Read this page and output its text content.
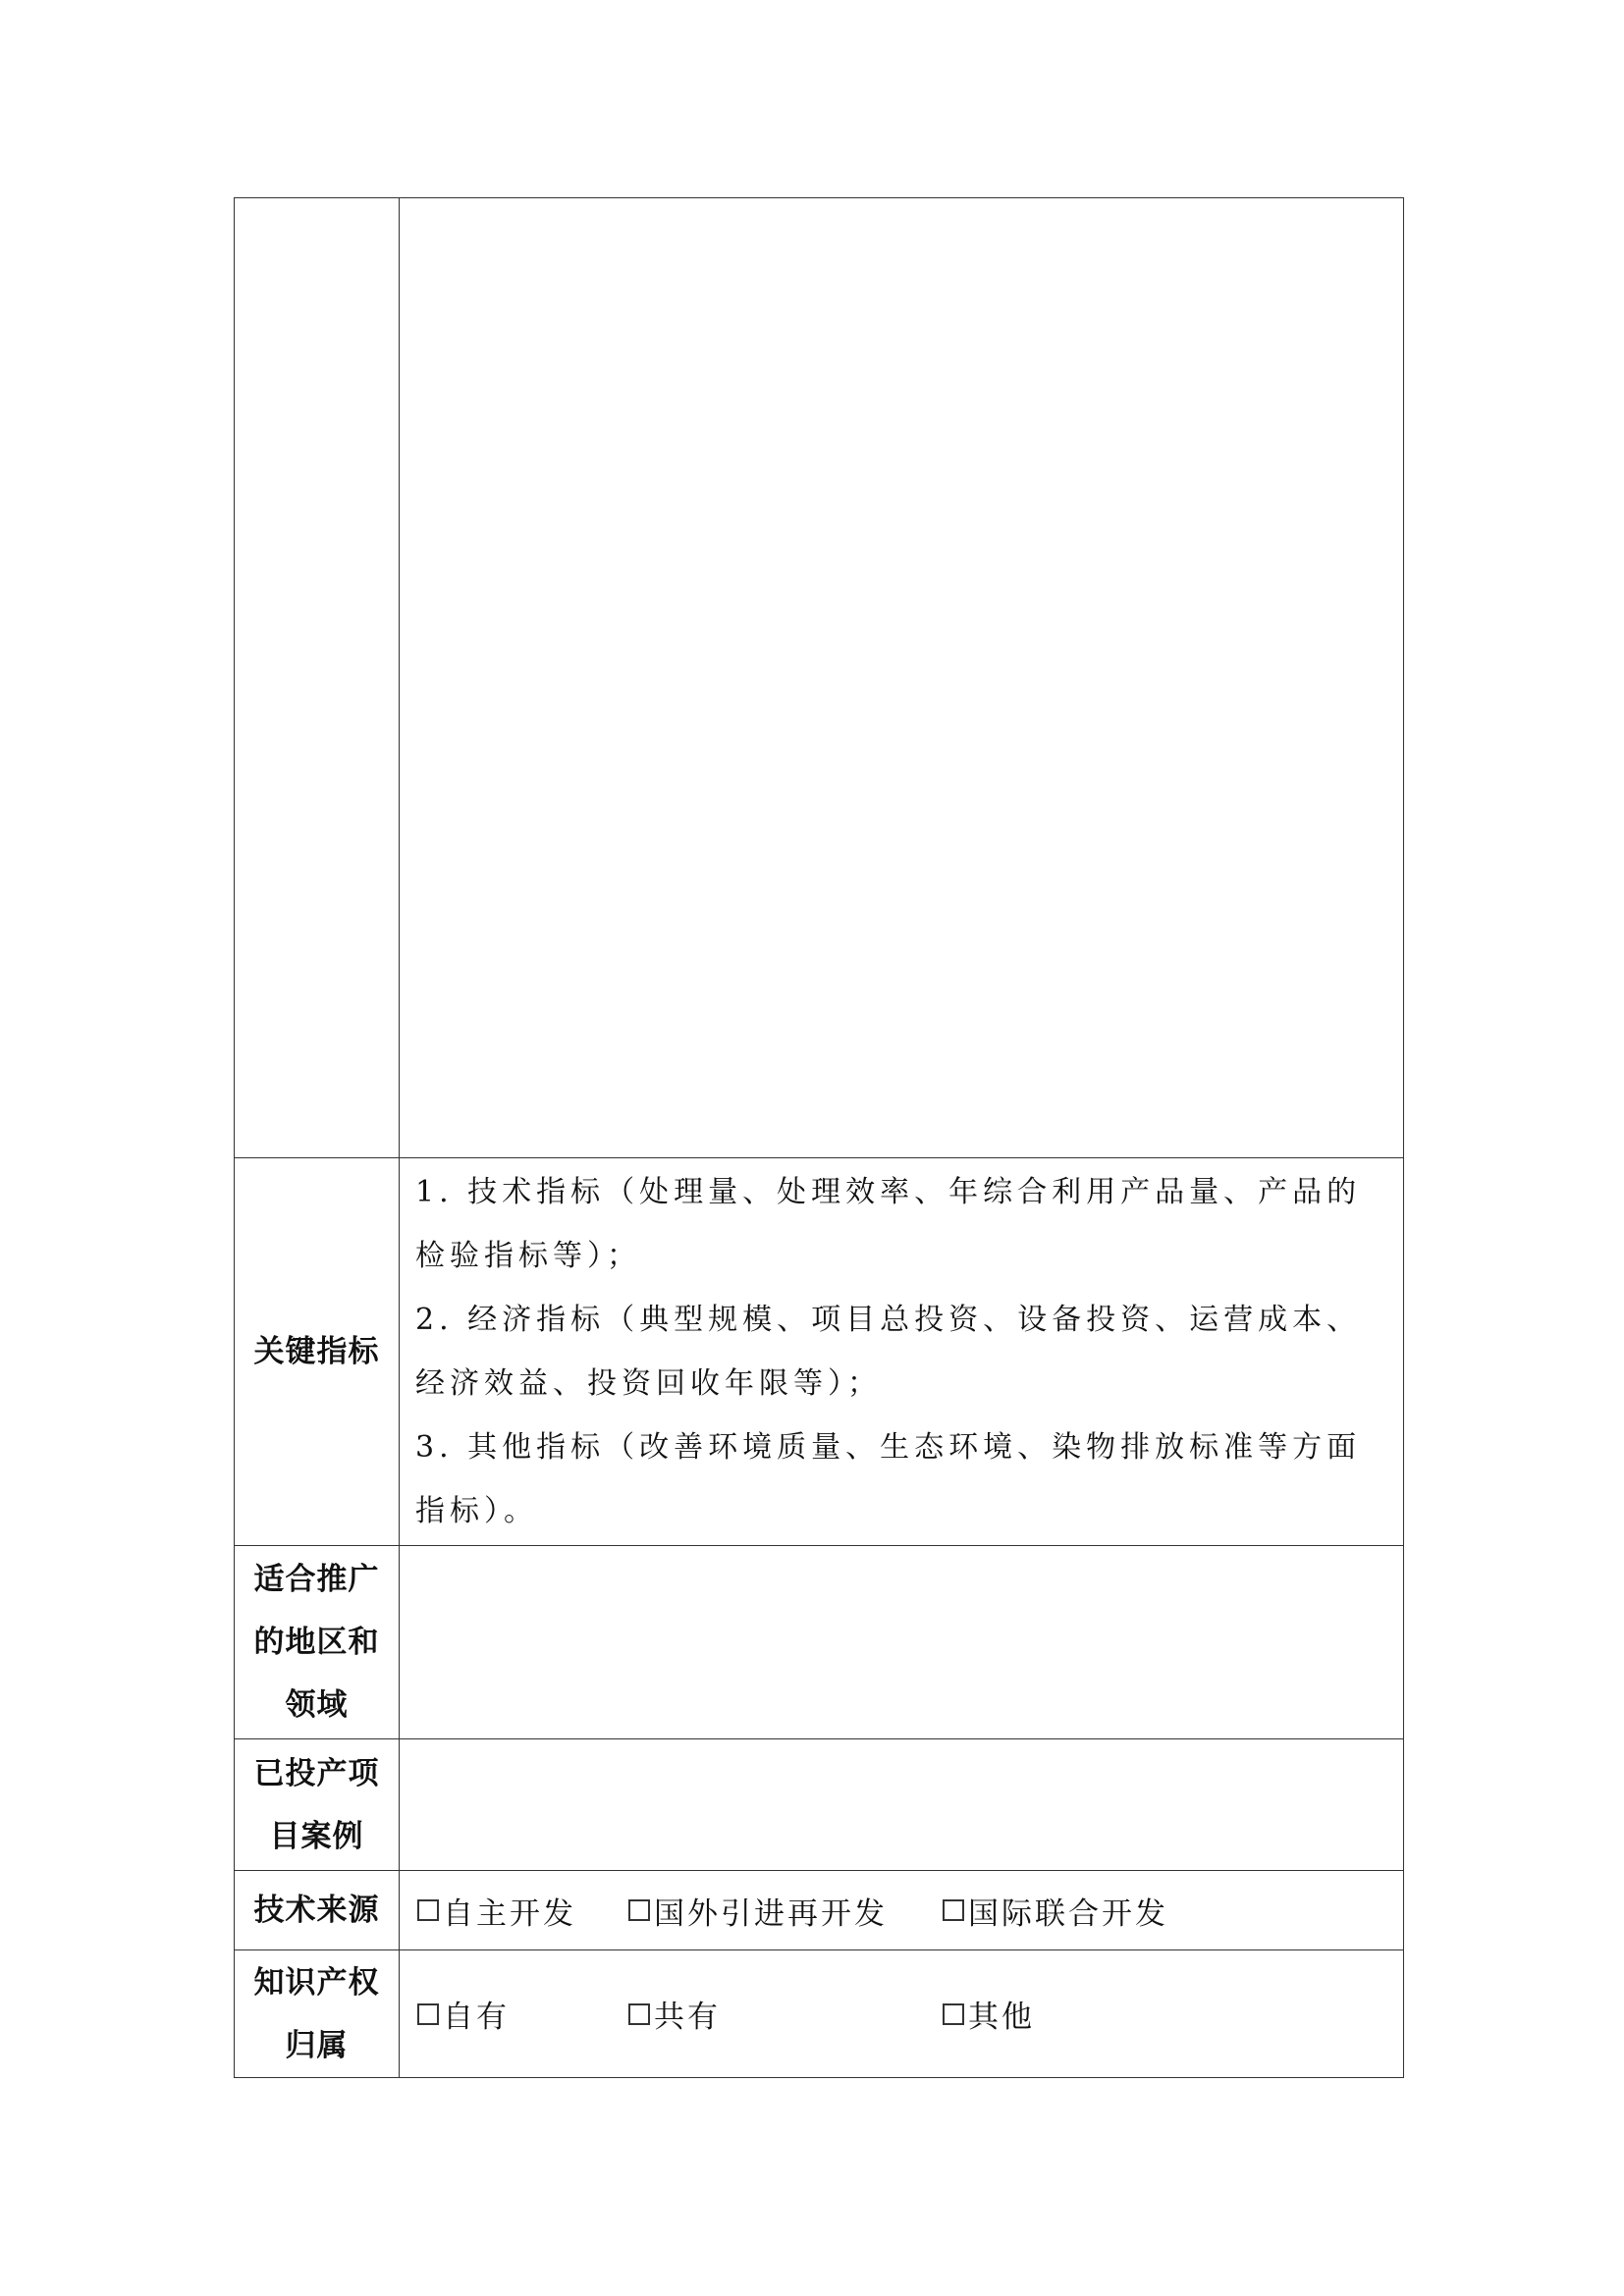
关键指标	1. 技术指标（处理量、处理效率、年综合利用产品量、产品的检验指标等）；
2. 经济指标（典型规模、项目总投资、设备投资、运营成本、经济效益、投资回收年限等）；
3. 其他指标（改善环境质量、生态环境、染物排放标准等方面指标）。

适合推广
的地区和
领域	

已投产项
目案例	

技术来源	自主开发 国外引进再开发 国际联合开发

知识产权
归属	自有 共有 其他
